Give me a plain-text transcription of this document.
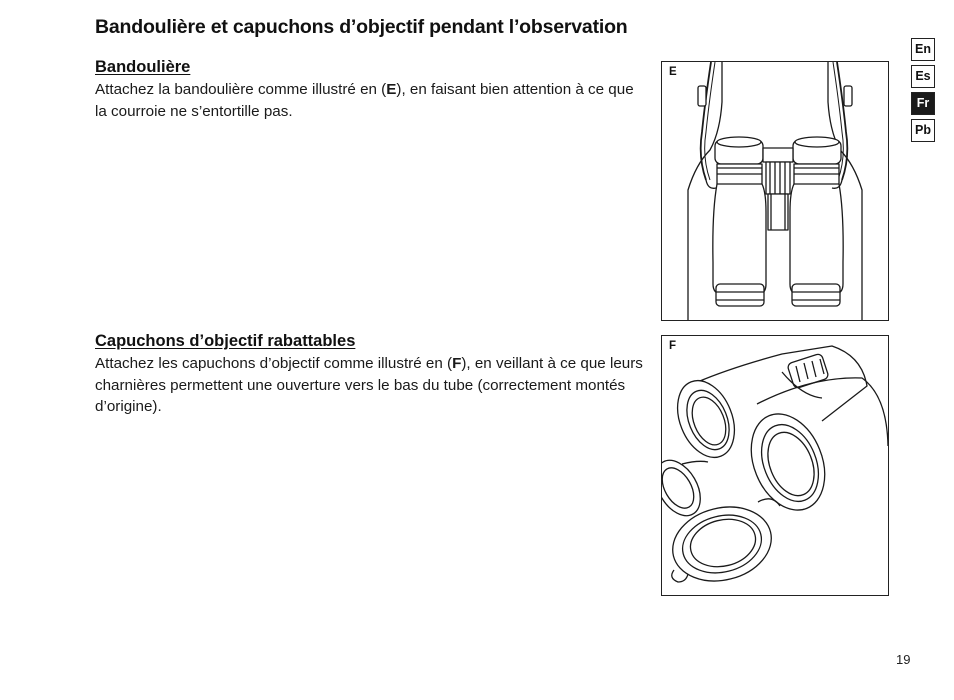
Bandoulière et capuchons d’objectif pendant l’observation
Bandoulière

Attachez la bandoulière comme illustré en (E), en faisant bien attention à ce que la courroie ne s’entortille pas.

Capuchons d’objectif rabattables

Attachez les capuchons d’objectif comme illustré en (F), en veillant à ce que leurs charnières permettent une ouverture vers le bas du tube (correctement montés d’origine).

E
F
En
Es
Fr
Pb
19
